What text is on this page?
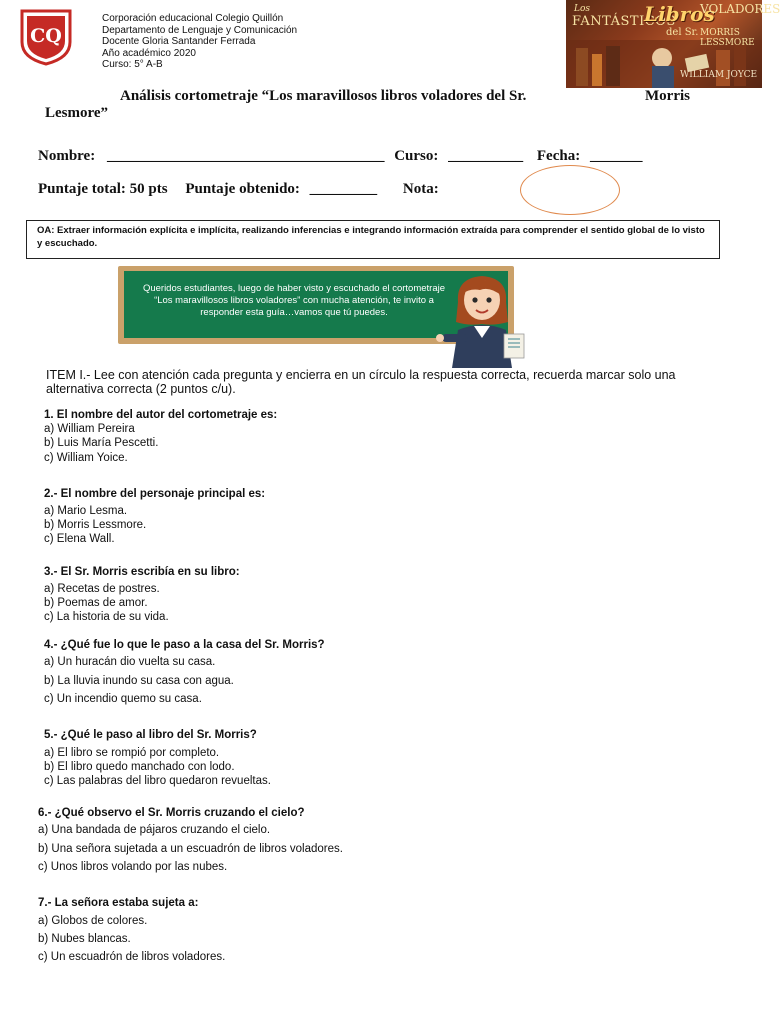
CQ
Corporación educacional Colegio Quillón
Departamento de Lenguaje y Comunicación
Docente Gloria Santander Ferrada
Año académico 2020
Curso: 5° A-B
Los
FANTÁSTICOS
Libros
VOLADORES
del Sr. MORRIS LESSMORE
WILLIAM JOYCE
Análisis cortometraje “Los maravillosos libros voladores del Sr.	Morris
Lesmore”
Nombre: _____________________________________ Curso: __________ Fecha: _______
Puntaje total: 50 pts Puntaje obtenido: _________ Nota:
OA: Extraer información explícita e implícita, realizando inferencias e integrando información extraída para comprender el sentido global de lo visto y escuchado.
Queridos estudiantes, luego de haber visto y escuchado el cortometraje “Los maravillosos libros voladores” con mucha atención, te invito a responder esta guía…vamos que tú puedes.
ITEM I.- Lee con atención cada pregunta y encierra en un círculo la respuesta correcta, recuerda marcar solo una alternativa correcta (2 puntos c/u).
1. El nombre del autor del cortometraje es:
a) William Pereira
b) Luis María Pescetti.
c) William Yoice.
2.- El nombre del personaje principal es:
a) Mario Lesma.
b) Morris Lessmore.
c) Elena Wall.
3.- El Sr. Morris escribía en su libro:
a) Recetas de postres.
b) Poemas de amor.
c) La historia de su vida.
4.- ¿Qué fue lo que le paso a la casa del Sr. Morris?
a) Un huracán dio vuelta su casa.
b) La lluvia inundo su casa con agua.
c) Un incendio quemo su casa.
5.- ¿Qué le paso al libro del Sr. Morris?
a) El libro se rompió por completo.
b) El libro quedo manchado con lodo.
c) Las palabras del libro quedaron revueltas.
6.- ¿Qué observo el Sr. Morris cruzando el cielo?
a) Una bandada de pájaros cruzando el cielo.
b) Una señora sujetada a un escuadrón de libros voladores.
c) Unos libros volando por las nubes.
7.- La señora estaba sujeta a:
a) Globos de colores.
b) Nubes blancas.
c) Un escuadrón de libros voladores.
